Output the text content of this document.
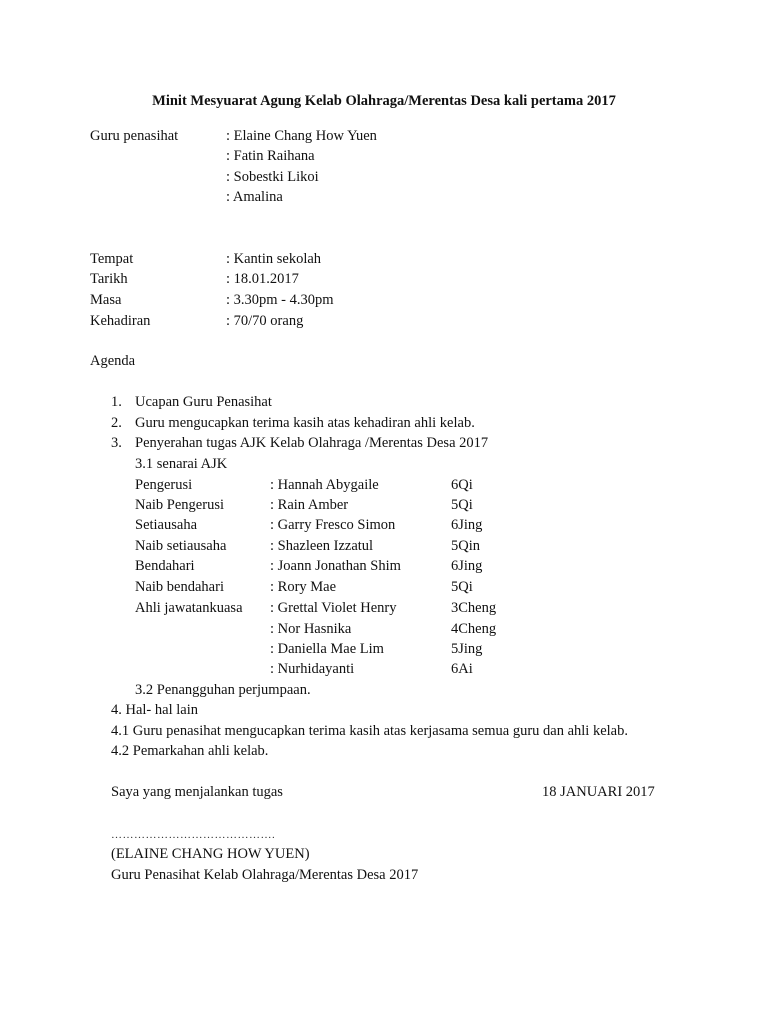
Minit Mesyuarat Agung Kelab Olahraga/Merentas Desa kali pertama 2017
Guru penasihat	: Elaine Chang How Yuen
: Fatin Raihana
: Sobestki Likoi
: Amalina
Tempat	: Kantin sekolah
Tarikh	: 18.01.2017
Masa	: 3.30pm - 4.30pm
Kehadiran	: 70/70 orang
Agenda
1. Ucapan Guru Penasihat
2. Guru mengucapkan terima kasih atas kehadiran ahli kelab.
3. Penyerahan tugas AJK Kelab Olahraga /Merentas Desa 2017
3.1 senarai AJK
Pengerusi	: Hannah Abygaile	6Qi
Naib Pengerusi	: Rain Amber	5Qi
Setiausaha	: Garry Fresco Simon	6Jing
Naib setiausaha	: Shazleen Izzatul	5Qin
Bendahari	: Joann Jonathan Shim	6Jing
Naib bendahari	: Rory Mae	5Qi
Ahli jawatankuasa : Grettal Violet Henry	3Cheng
: Nor Hasnika	4Cheng
: Daniella Mae Lim	5Jing
: Nurhidayanti	6Ai
3.2 Penangguhan perjumpaan.
4. Hal- hal lain
4.1 Guru penasihat mengucapkan terima kasih atas kerjasama semua guru dan ahli kelab.
4.2 Pemarkahan ahli kelab.
Saya yang menjalankan tugas	18 JANUARI 2017
…………………………………….
(ELAINE CHANG HOW YUEN)
Guru Penasihat Kelab Olahraga/Merentas Desa 2017
